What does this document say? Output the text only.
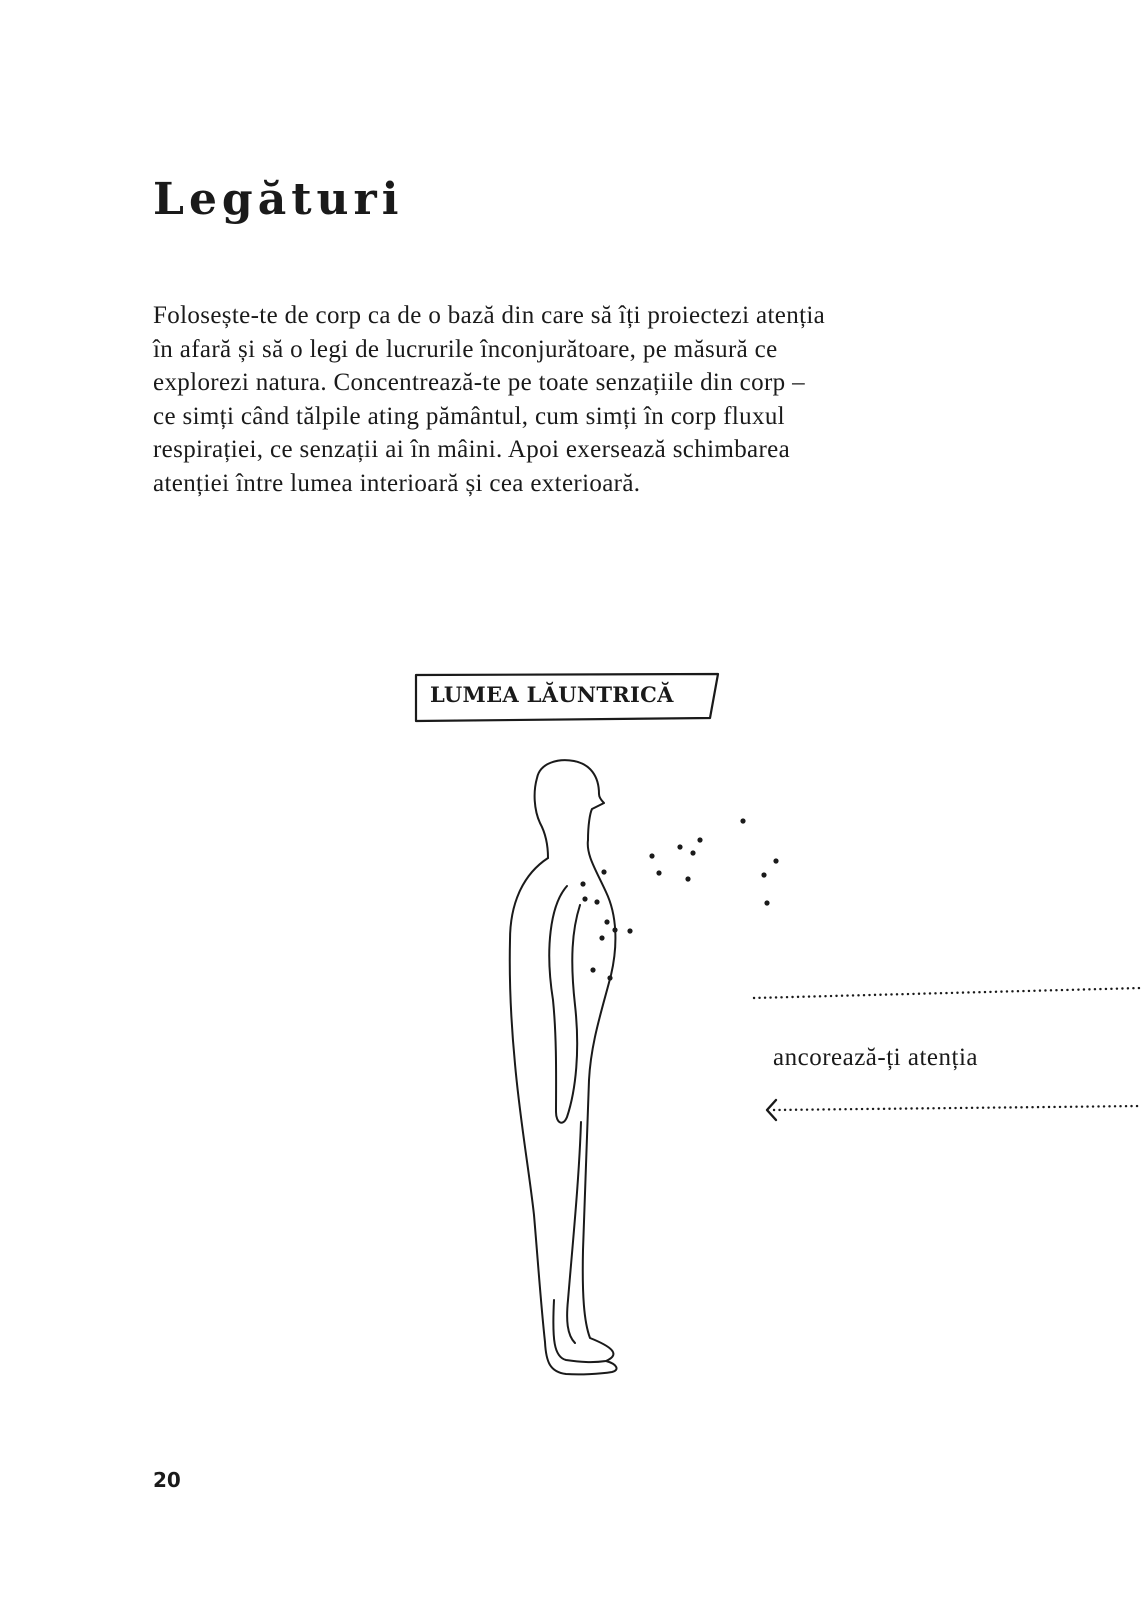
Legături
Folosește-te de corp ca de o bază din care să îți proiectezi atenția
în afară și să o legi de lucrurile înconjurătoare, pe măsură ce
explorezi natura. Concentrează-te pe toate senzațiile din corp –
ce simți când tălpile ating pământul, cum simți în corp fluxul
respirației, ce senzații ai în mâini. Apoi exersează schimbarea
atenției între lumea interioară și cea exterioară.
LUMEA LĂUNTRICĂ
ancorează-ți atenția
20
